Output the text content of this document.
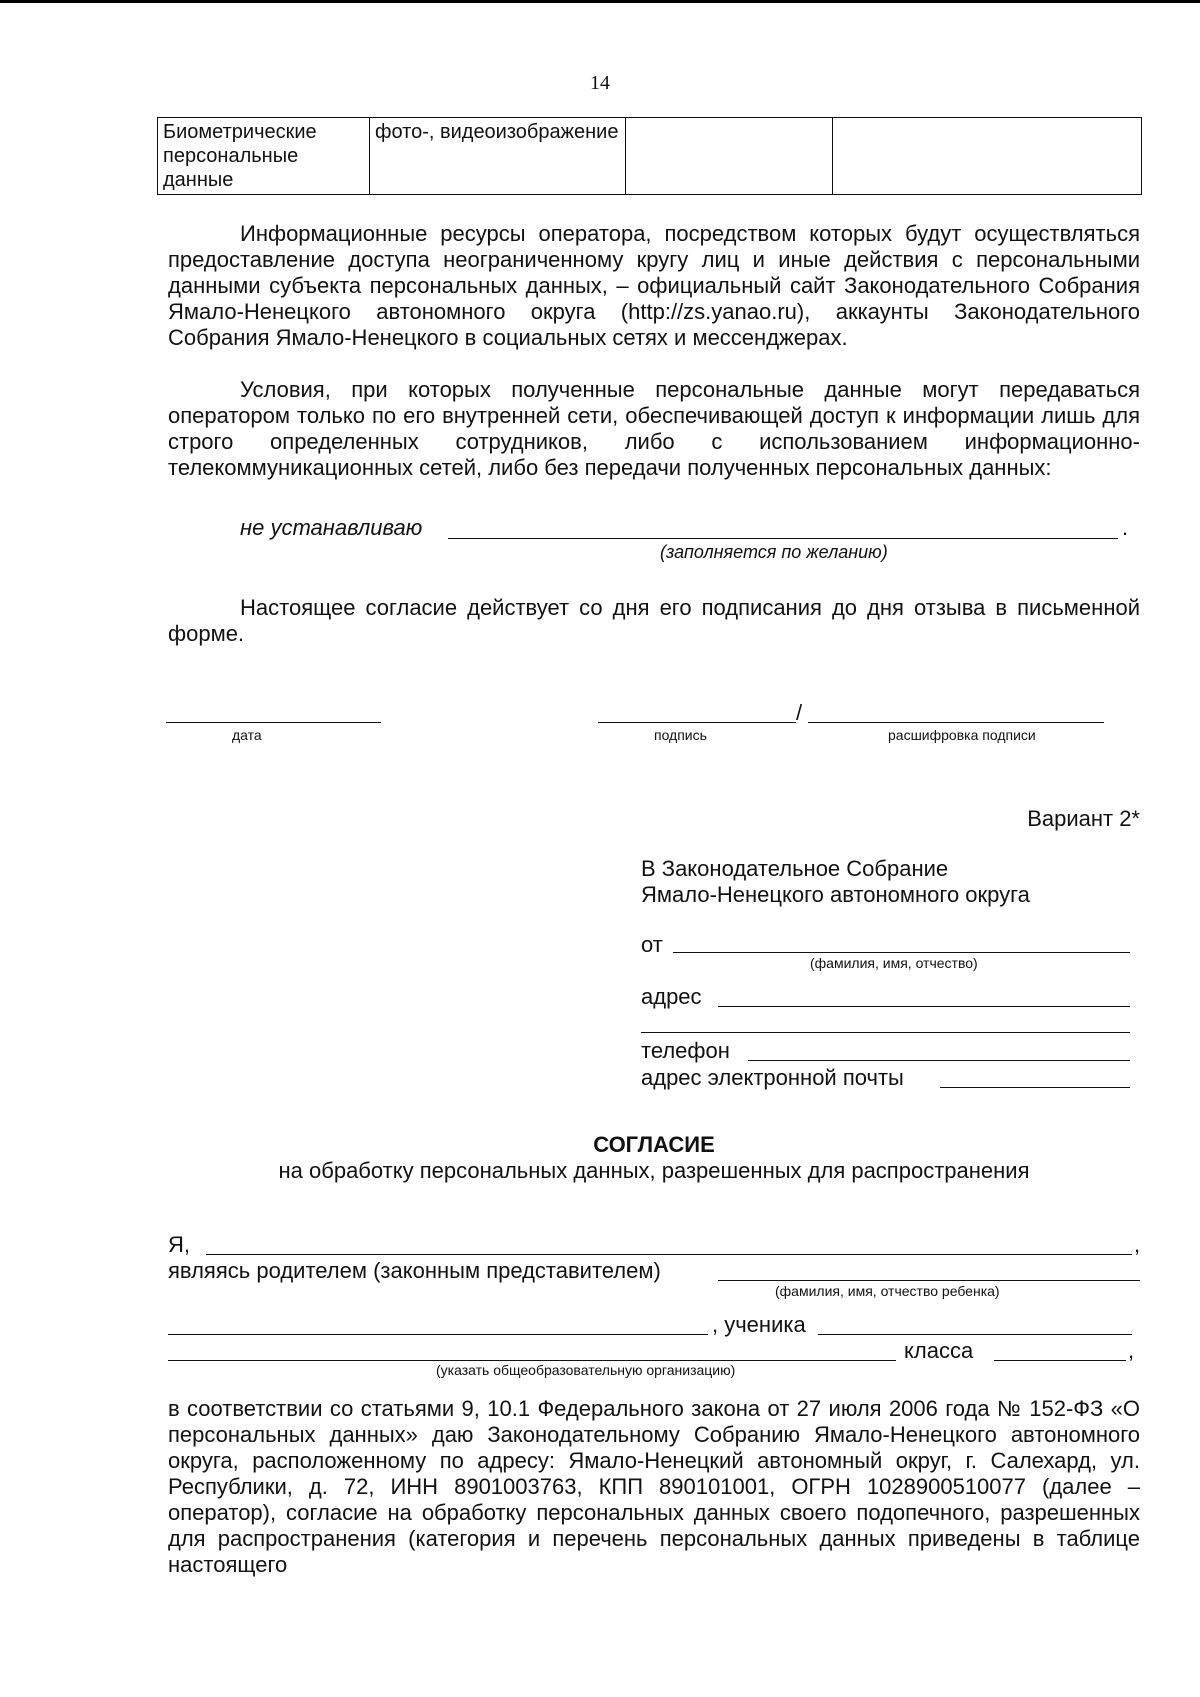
14
Биометрические персональные данные	фото-, видеоизображение		
Информационные ресурсы оператора, посредством которых будут осуществляться предоставление доступа неограниченному кругу лиц и иные действия с персональными данными субъекта персональных данных, – официальный сайт Законодательного Собрания Ямало-Ненецкого автономного округа (http://zs.yanao.ru), аккаунты Законодательного Собрания Ямало-Ненецкого в социальных сетях и мессенджерах.
Условия, при которых полученные персональные данные могут передаваться оператором только по его внутренней сети, обеспечивающей доступ к информации лишь для строго определенных сотрудников, либо с использованием информационно-телекоммуникационных сетей, либо без передачи полученных персональных данных:
не устанавливаю	.
(заполняется по желанию)
Настоящее согласие действует со дня его подписания до дня отзыва в письменной форме.
дата
/
подпись	расшифровка подписи
Вариант 2*
В Законодательное Собрание
Ямало-Ненецкого автономного округа
от
(фамилия, имя, отчество)
адрес
телефон
адрес электронной почты
СОГЛАСИЕ
на обработку персональных данных, разрешенных для распространения
Я,	,
являясь родителем (законным представителем)
(фамилия, имя, отчество ребенка)
, ученика
класса	,
(указать общеобразовательную организацию)
в соответствии со статьями 9, 10.1 Федерального закона от 27 июля 2006 года № 152-ФЗ «О персональных данных» даю Законодательному Собранию Ямало-Ненецкого автономного округа, расположенному по адресу: Ямало-Ненецкий автономный округ, г. Салехард, ул. Республики, д. 72, ИНН 8901003763, КПП 890101001, ОГРН 1028900510077 (далее – оператор), согласие на обработку персональных данных своего подопечного, разрешенных для распространения (категория и перечень персональных данных приведены в таблице настоящего
